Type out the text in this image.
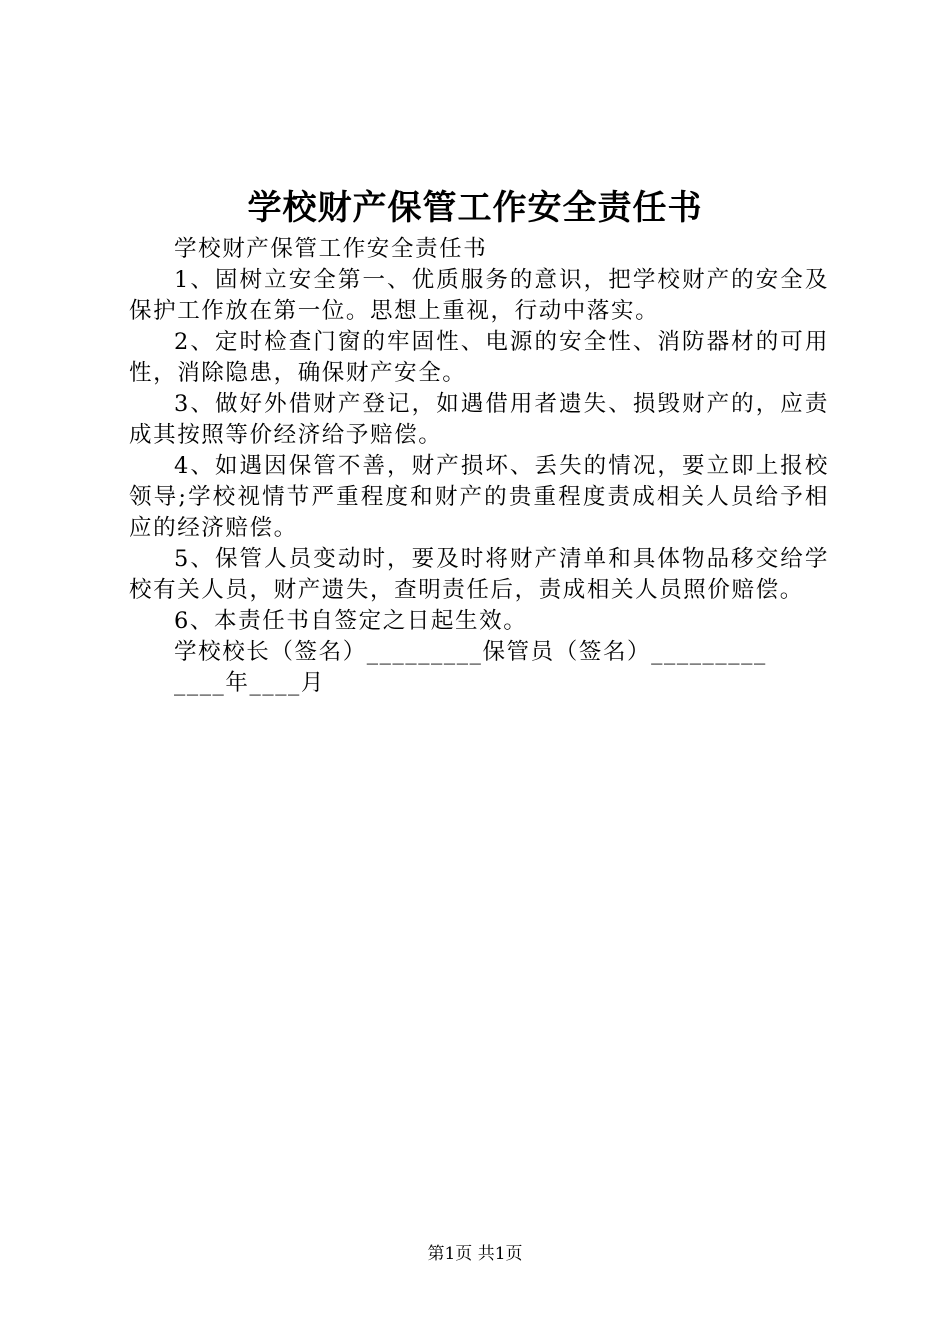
学校财产保管工作安全责任书

学校财产保管工作安全责任书

1、固树立安全第一、优质服务的意识，把学校财产的安全及保护工作放在第一位。思想上重视，行动中落实。

2、定时检查门窗的牢固性、电源的安全性、消防器材的可用性，消除隐患，确保财产安全。

3、做好外借财产登记，如遇借用者遗失、损毁财产的，应责成其按照等价经济给予赔偿。

4、如遇因保管不善，财产损坏、丢失的情况，要立即上报校领导;学校视情节严重程度和财产的贵重程度责成相关人员给予相应的经济赔偿。

5、保管人员变动时，要及时将财产清单和具体物品移交给学校有关人员，财产遗失，查明责任后，责成相关人员照价赔偿。

6、本责任书自签定之日起生效。

学校校长（签名）_________保管员（签名）_________

____年____月

第1页 共1页
